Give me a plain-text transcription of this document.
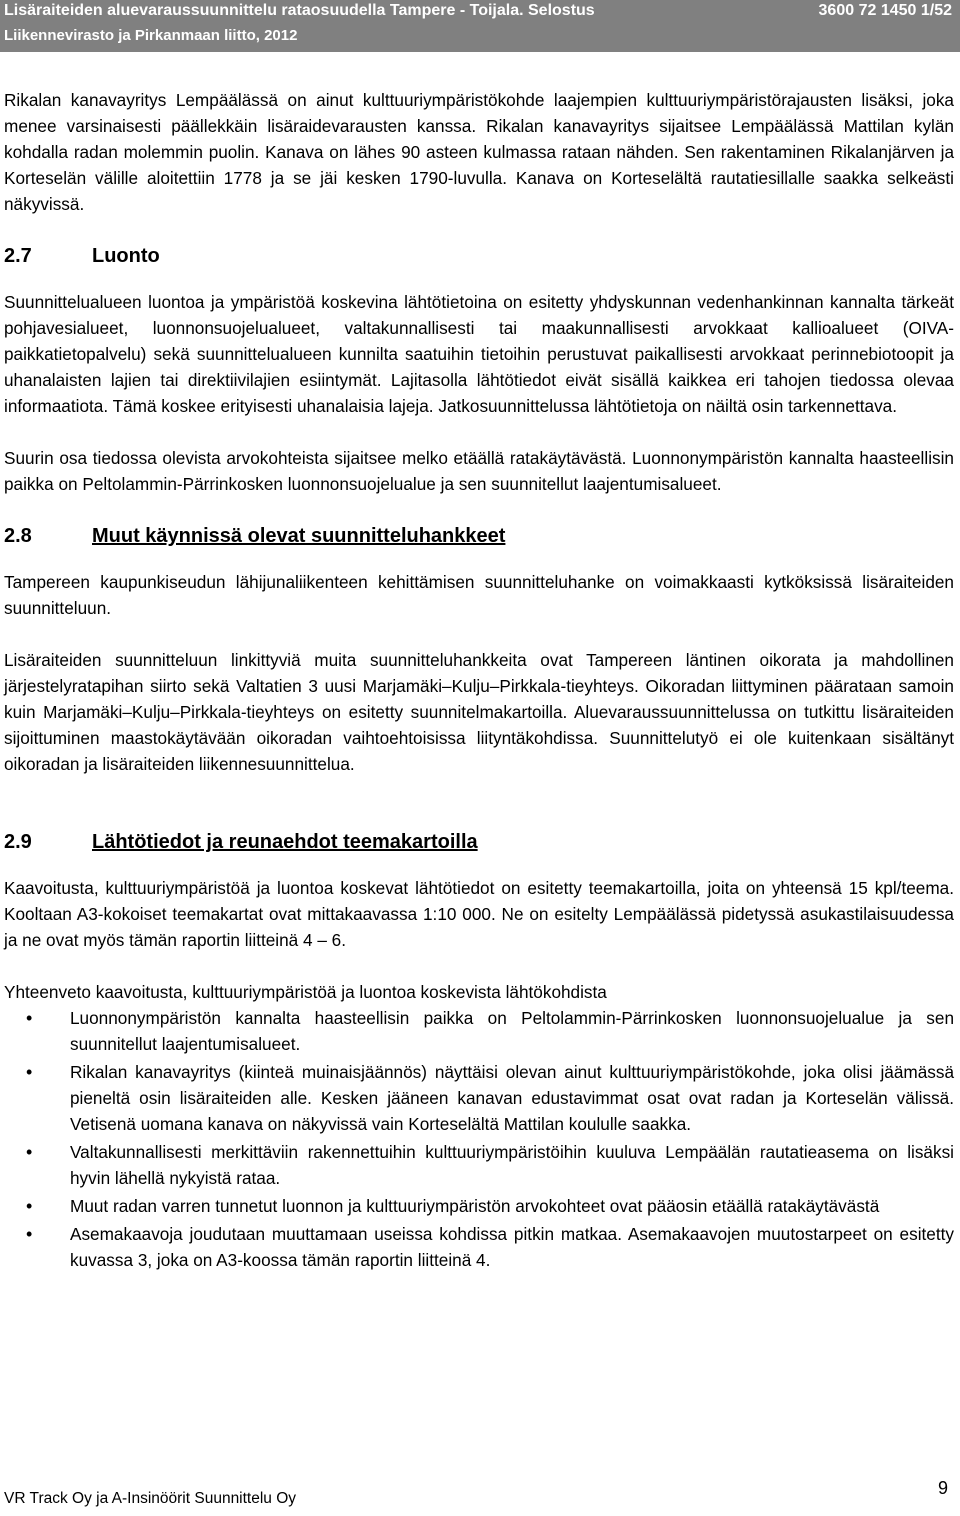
Lisäraiteiden aluevaraussuunnittelu rataosuudella Tampere - Toijala. Selostus
Liikennevirasto ja Pirkanmaan liitto, 2012
3600 72 1450 1/52

Rikalan kanavayritys Lempäälässä on ainut kulttuuriympäristökohde laajempien kulttuuriympäristörajausten lisäksi, joka menee varsinaisesti päällekkäin lisäraidevarausten kanssa. Rikalan kanavayritys sijaitsee Lempäälässä Mattilan kylän kohdalla radan molemmin puolin. Kanava on lähes 90 asteen kulmassa rataan nähden. Sen rakentaminen Rikalanjärven ja Korteselän välille aloitettiin 1778 ja se jäi kesken 1790-luvulla. Kanava on Korteselältä rautatiesillalle saakka selkeästi näkyvissä.

2.7	Luonto

Suunnittelualueen luontoa ja ympäristöä koskevina lähtötietoina on esitetty yhdyskunnan vedenhankinnan kannalta tärkeät pohjavesialueet, luonnonsuojelualueet, valtakunnallisesti tai maakunnallisesti arvokkaat kallioalueet (OIVA-paikkatietopalvelu) sekä suunnittelualueen kunnilta saatuihin tietoihin perustuvat paikallisesti arvokkaat perinnebiotoopit ja uhanalaisten lajien tai direktiivilajien esiintymät. Lajitasolla lähtötiedot eivät sisällä kaikkea eri tahojen tiedossa olevaa informaatiota. Tämä koskee erityisesti uhanalaisia lajeja. Jatkosuunnittelussa lähtötietoja on näiltä osin tarkennettava.

Suurin osa tiedossa olevista arvokohteista sijaitsee melko etäällä ratakäytävästä. Luonnonympäristön kannalta haasteellisin paikka on Peltolammin-Pärrinkosken luonnonsuojelualue ja sen suunnitellut laajentumisalueet.

2.8	Muut käynnissä olevat suunnitteluhankkeet

Tampereen kaupunkiseudun lähijunaliikenteen kehittämisen suunnitteluhanke on voimakkaasti kytköksissä lisäraiteiden suunnitteluun.

Lisäraiteiden suunnitteluun linkittyviä muita suunnitteluhankkeita ovat Tampereen läntinen oikorata ja mahdollinen järjestelyratapihan siirto sekä Valtatien 3 uusi Marjamäki–Kulju–Pirkkala-tieyhteys. Oikoradan liittyminen päärataan samoin kuin Marjamäki–Kulju–Pirkkala-tieyhteys on esitetty suunnitelmakartoilla. Aluevaraussuunnittelussa on tutkittu lisäraiteiden sijoittuminen maastokäytävään oikoradan vaihtoehtoisissa liityntäkohdissa. Suunnittelutyö ei ole kuitenkaan sisältänyt oikoradan ja lisäraiteiden liikennesuunnittelua.

2.9	Lähtötiedot ja reunaehdot teemakartoilla

Kaavoitusta, kulttuuriympäristöä ja luontoa koskevat lähtötiedot on esitetty teemakartoilla, joita on yhteensä 15 kpl/teema. Kooltaan A3-kokoiset teemakartat ovat mittakaavassa 1:10 000. Ne on esitelty Lempäälässä pidetyssä asukastilaisuudessa ja ne ovat myös tämän raportin liitteinä 4 – 6.

Yhteenveto kaavoitusta, kulttuuriympäristöä ja luontoa koskevista lähtökohdista

• Luonnonympäristön kannalta haasteellisin paikka on Peltolammin-Pärrinkosken luonnonsuojelualue ja sen suunnitellut laajentumisalueet.
• Rikalan kanavayritys (kiinteä muinaisjäännös) näyttäisi olevan ainut kulttuuriympäristökohde, joka olisi jäämässä pieneltä osin lisäraiteiden alle. Kesken jääneen kanavan edustavimmat osat ovat radan ja Korteselän välissä. Vetisenä uomana kanava on näkyvissä vain Korteselältä Mattilan koululle saakka.
• Valtakunnallisesti merkittäviin rakennettuihin kulttuuriympäristöihin kuuluva Lempäälän rautatieasema on lisäksi hyvin lähellä nykyistä rataa.
• Muut radan varren tunnetut luonnon ja kulttuuriympäristön arvokohteet ovat pääosin etäällä ratakäytävästä
• Asemakaavoja joudutaan muuttamaan useissa kohdissa pitkin matkaa. Asemakaavojen muutostarpeet on esitetty kuvassa 3, joka on A3-koossa tämän raportin liitteinä 4.
VR Track Oy ja A-Insinöörit Suunnittelu Oy
9
